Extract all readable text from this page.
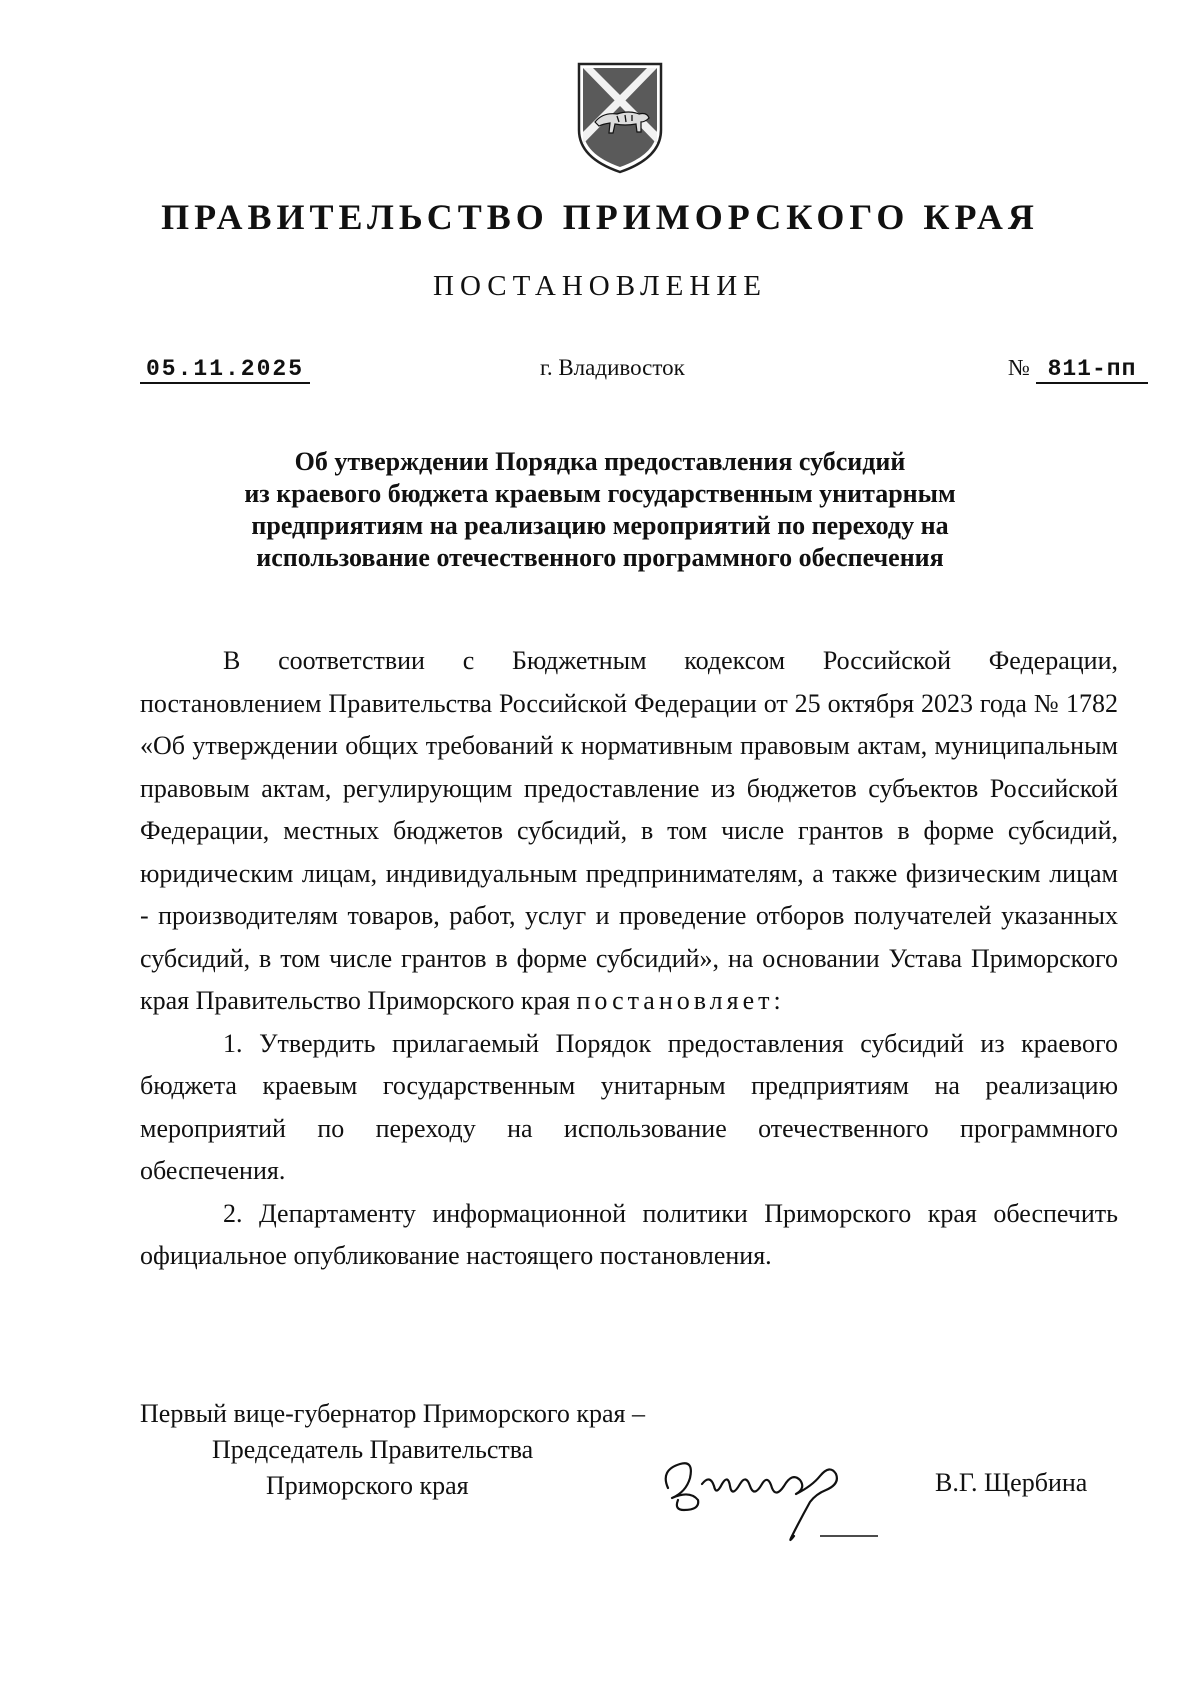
ПРАВИТЕЛЬСТВО ПРИМОРСКОГО КРАЯ
ПОСТАНОВЛЕНИЕ
05.11.2025	г. Владивосток	№ 811-пп
Об утверждении Порядка предоставления субсидий
из краевого бюджета краевым государственным унитарным
предприятиям на реализацию мероприятий по переходу на
использование отечественного программного обеспечения

В соответствии с Бюджетным кодексом Российской Федерации, постановлением Правительства Российской Федерации от 25 октября 2023 года № 1782 «Об утверждении общих требований к нормативным правовым актам, муниципальным правовым актам, регулирующим предоставление из бюджетов субъектов Российской Федерации, местных бюджетов субсидий, в том числе грантов в форме субсидий, юридическим лицам, индивидуальным предпринимателям, а также физическим лицам - производителям товаров, работ, услуг и проведение отборов получателей указанных субсидий, в том числе грантов в форме субсидий», на основании Устава Приморского края Правительство Приморского края постановляет:

1. Утвердить прилагаемый Порядок предоставления субсидий из краевого бюджета краевым государственным унитарным предприятиям на реализацию мероприятий по переходу на использование отечественного программного обеспечения.

2. Департаменту информационной политики Приморского края обеспечить официальное опубликование настоящего постановления.

Первый вице-губернатор Приморского края –
Председатель Правительства
Приморского края	В.Г. Щербина
